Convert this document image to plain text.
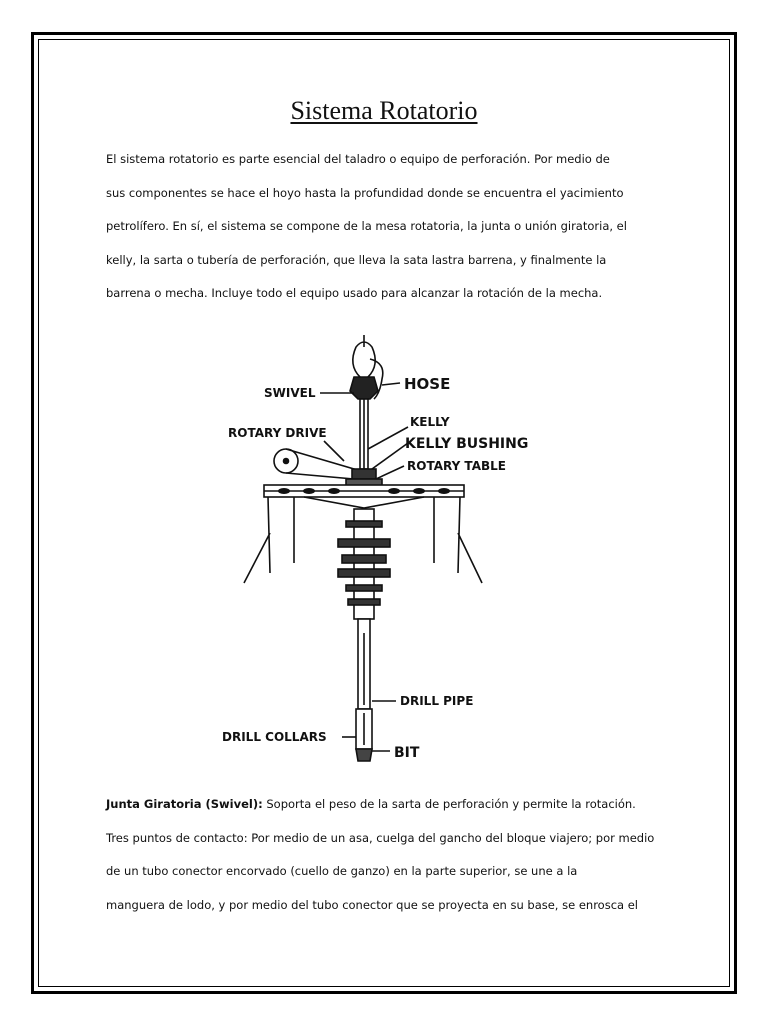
Sistema Rotatorio

El sistema rotatorio es parte esencial del taladro o equipo de perforación. Por medio de

sus componentes se hace el hoyo hasta la profundidad donde se encuentra el yacimiento

petrolífero. En sí, el sistema se compone de la mesa rotatoria, la junta o unión giratoria, el

kelly, la sarta o tubería de perforación, que lleva la sata lastra barrena, y finalmente la

barrena o mecha. Incluye todo el equipo usado para alcanzar la rotación de la mecha.

SWIVEL	HOSE
KELLY
ROTARY DRIVE
KELLY BUSHING
ROTARY TABLE
DRILL PIPE
DRILL COLLARS
BIT

Junta Giratoria (Swivel): Soporta el peso de la sarta de perforación y permite la rotación.

Tres puntos de contacto: Por medio de un asa, cuelga del gancho del bloque viajero; por medio

de un tubo conector encorvado (cuello de ganzo) en la parte superior, se une a la

manguera de lodo, y por medio del tubo conector que se proyecta en su base, se enrosca el
